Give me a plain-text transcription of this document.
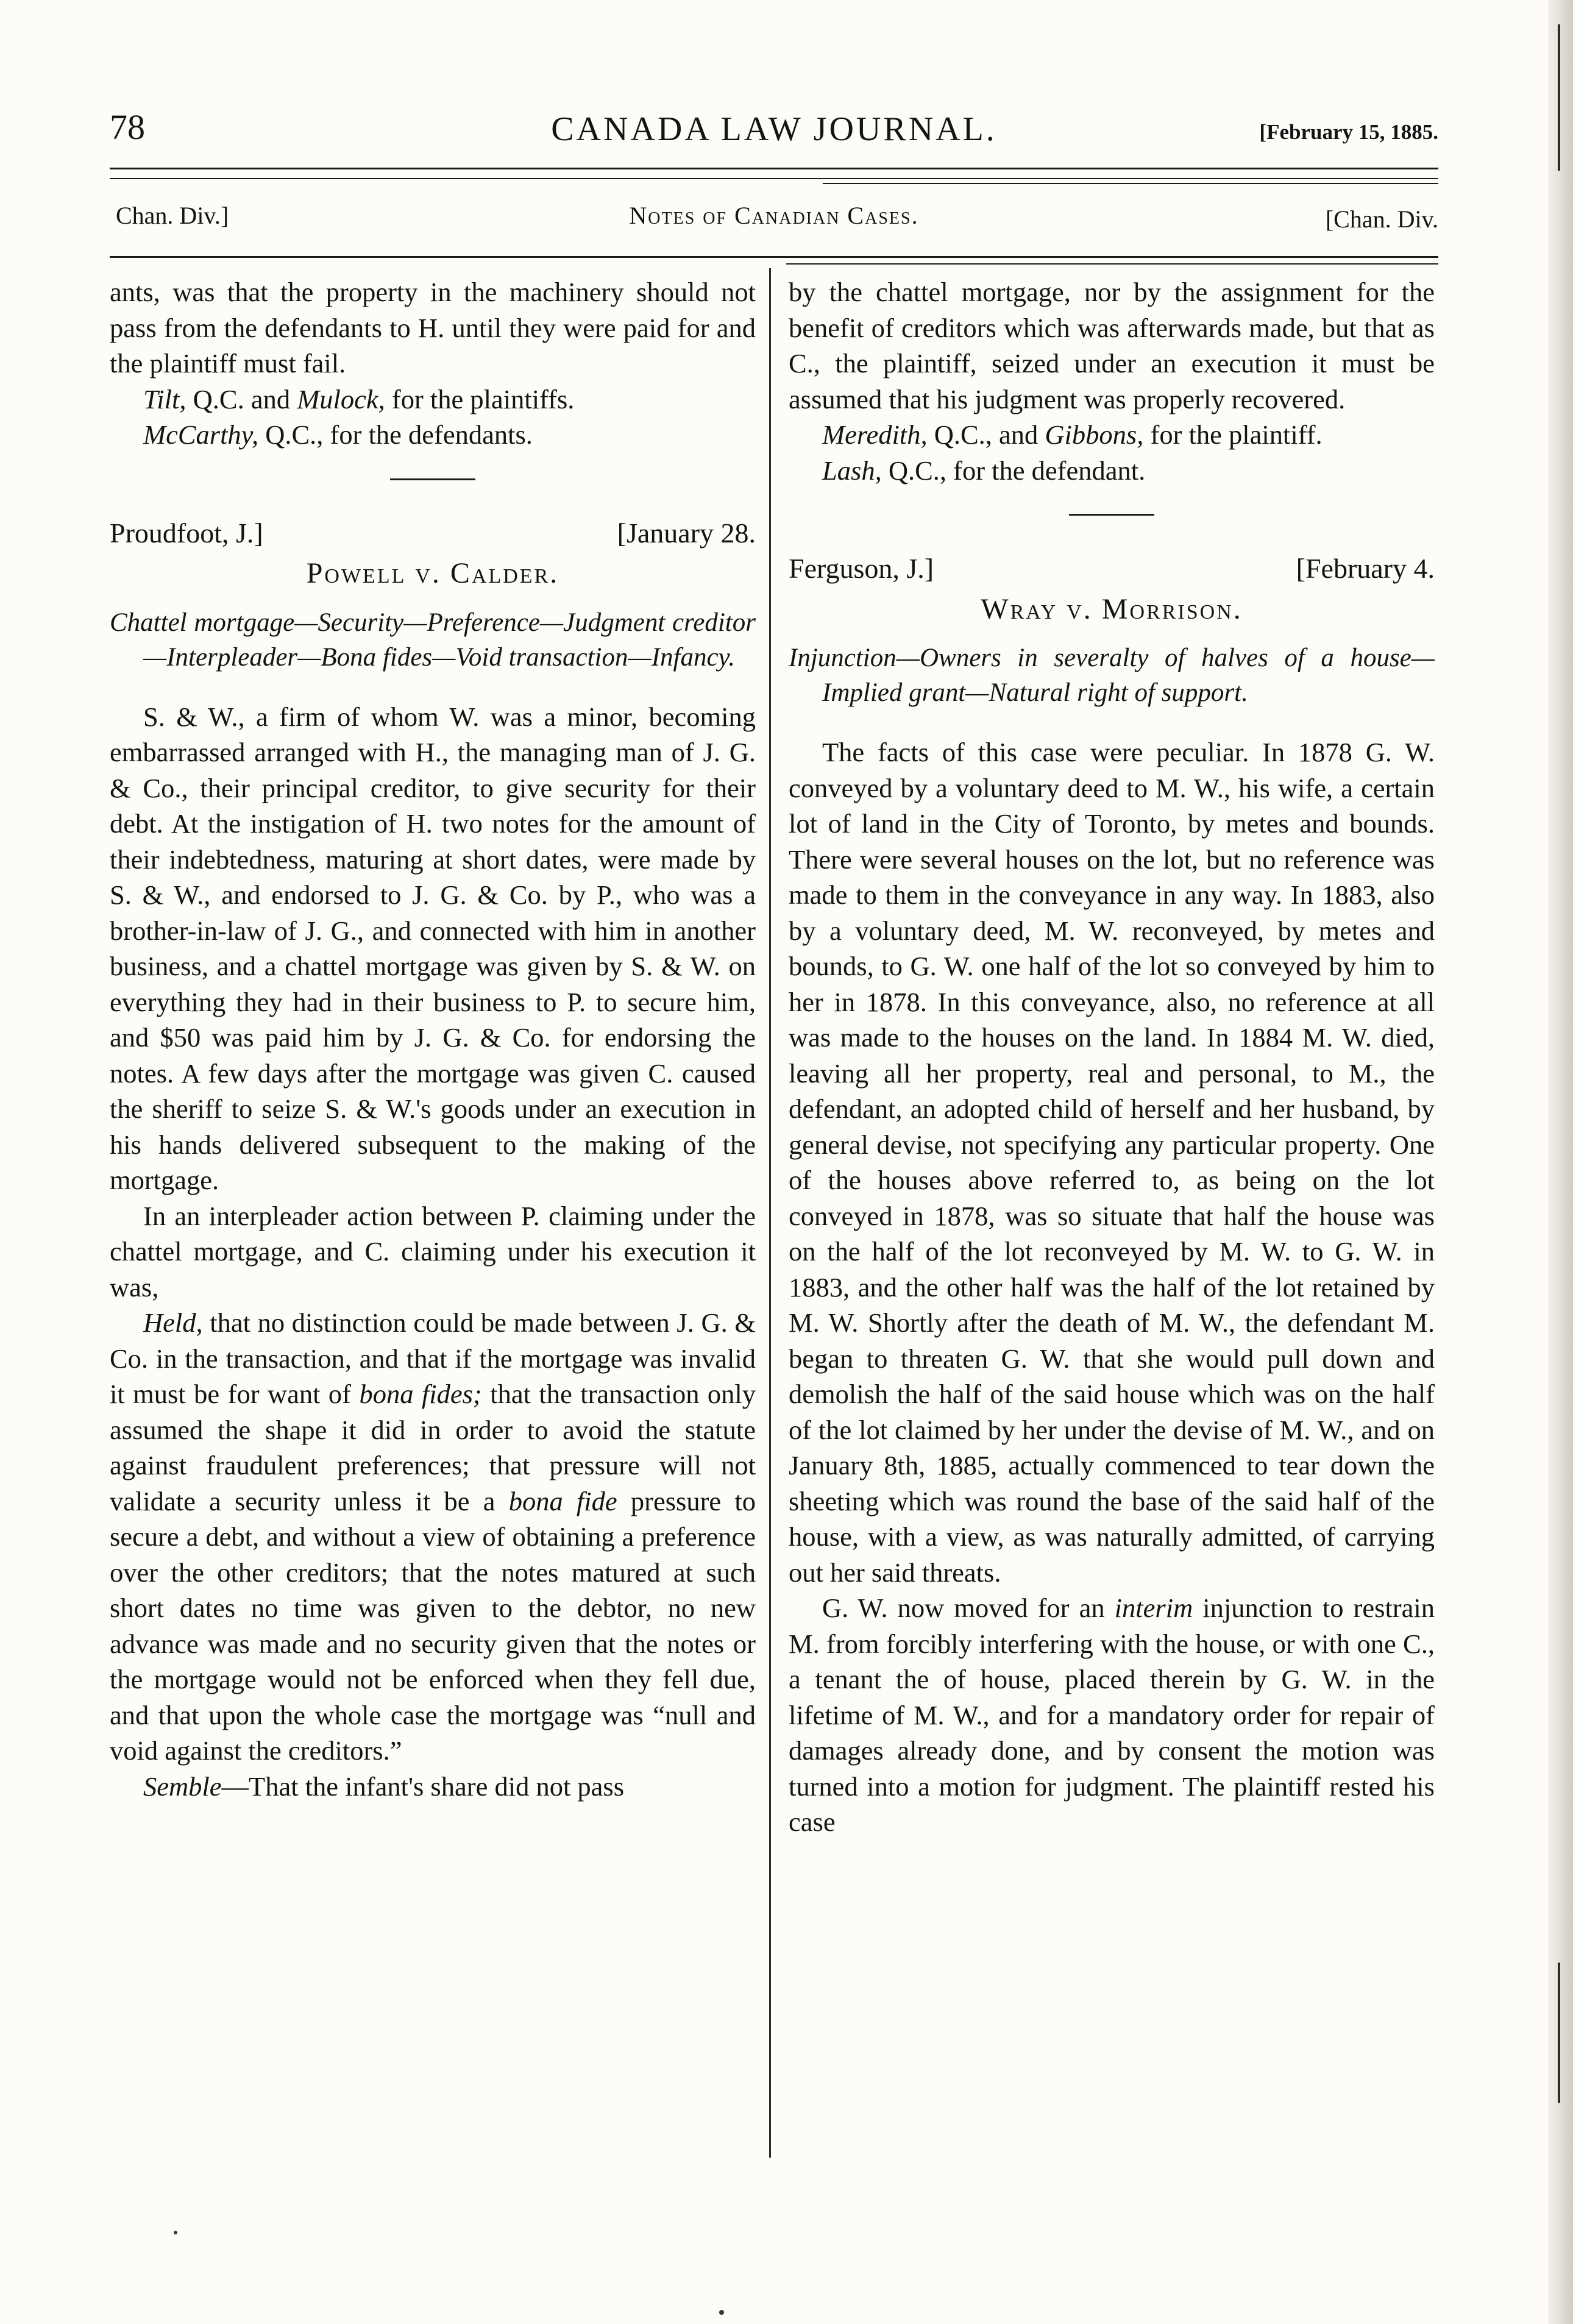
78	CANADA LAW JOURNAL.	[February 15, 1885.
Chan. Div.]	Notes of Canadian Cases.	[Chan. Div.

ants, was that the property in the machinery should not pass from the defendants to H. until they were paid for and the plaintiff must fail.

Tilt, Q.C. and Mulock, for the plaintiffs.

McCarthy, Q.C., for the defendants.

Proudfoot, J.]	[January 28.
Powell v. Calder.
Chattel mortgage—Security—Preference—Judgment creditor—Interpleader—Bona fides—Void transaction—Infancy.

S. & W., a firm of whom W. was a minor, becoming embarrassed arranged with H., the managing man of J. G. & Co., their principal creditor, to give security for their debt. At the instigation of H. two notes for the amount of their indebtedness, maturing at short dates, were made by S. & W., and endorsed to J. G. & Co. by P., who was a brother-in-law of J. G., and connected with him in another business, and a chattel mortgage was given by S. & W. on everything they had in their business to P. to secure him, and $50 was paid him by J. G. & Co. for endorsing the notes. A few days after the mortgage was given C. caused the sheriff to seize S. & W.'s goods under an execution in his hands delivered subsequent to the making of the mortgage.

In an interpleader action between P. claiming under the chattel mortgage, and C. claiming under his execution it was,

Held, that no distinction could be made between J. G. & Co. in the transaction, and that if the mortgage was invalid it must be for want of bona fides; that the transaction only assumed the shape it did in order to avoid the statute against fraudulent preferences; that pressure will not validate a security unless it be a bona fide pressure to secure a debt, and without a view of obtaining a preference over the other creditors; that the notes matured at such short dates no time was given to the debtor, no new advance was made and no security given that the notes or the mortgage would not be enforced when they fell due, and that upon the whole case the mortgage was “null and void against the creditors.”

Semble—That the infant's share did not pass

by the chattel mortgage, nor by the assignment for the benefit of creditors which was afterwards made, but that as C., the plaintiff, seized under an execution it must be assumed that his judgment was properly recovered.

Meredith, Q.C., and Gibbons, for the plaintiff.

Lash, Q.C., for the defendant.

Ferguson, J.]	[February 4.
Wray v. Morrison.
Injunction—Owners in severalty of halves of a house—Implied grant—Natural right of support.

The facts of this case were peculiar. In 1878 G. W. conveyed by a voluntary deed to M. W., his wife, a certain lot of land in the City of Toronto, by metes and bounds. There were several houses on the lot, but no reference was made to them in the conveyance in any way. In 1883, also by a voluntary deed, M. W. reconveyed, by metes and bounds, to G. W. one half of the lot so conveyed by him to her in 1878. In this conveyance, also, no reference at all was made to the houses on the land. In 1884 M. W. died, leaving all her property, real and personal, to M., the defendant, an adopted child of herself and her husband, by general devise, not specifying any particular property. One of the houses above referred to, as being on the lot conveyed in 1878, was so situate that half the house was on the half of the lot reconveyed by M. W. to G. W. in 1883, and the other half was the half of the lot retained by M. W. Shortly after the death of M. W., the defendant M. began to threaten G. W. that she would pull down and demolish the half of the said house which was on the half of the lot claimed by her under the devise of M. W., and on January 8th, 1885, actually commenced to tear down the sheeting which was round the base of the said half of the house, with a view, as was naturally admitted, of carrying out her said threats.

G. W. now moved for an interim injunction to restrain M. from forcibly interfering with the house, or with one C., a tenant the of house, placed therein by G. W. in the lifetime of M. W., and for a mandatory order for repair of damages already done, and by consent the motion was turned into a motion for judgment. The plaintiff rested his case
